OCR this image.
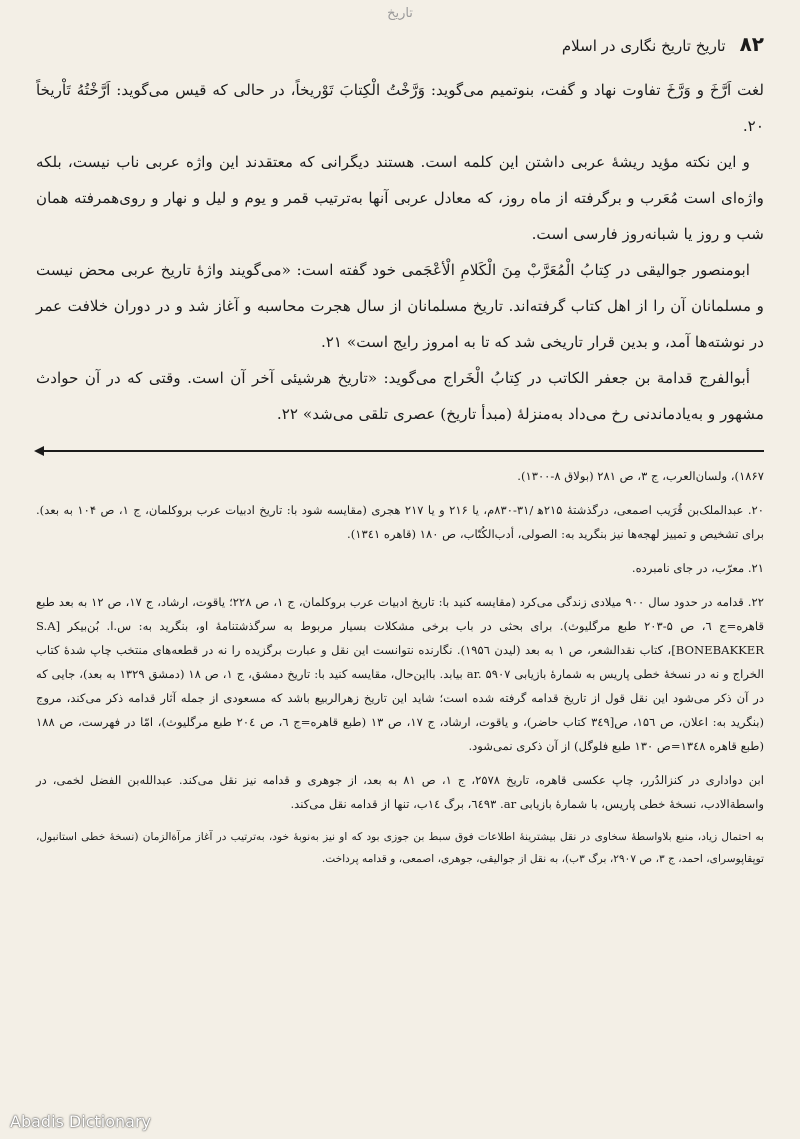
تاریخ
۸۲
تاریخ تاریخ نگاری در اسلام

لغت اَرَّخَ و وَرَّخَ تفاوت نهاد و گفت، بنوتمیم می‌گوید: وَرَّخْتُ الْکِتابَ تَوْریخاً، در حالی که قیس می‌گوید: اَرَّخْتُهُ تَاْریخاً ۲۰.

و این نکته مؤید ریشهٔ عربی داشتن این کلمه است. هستند دیگرانی که معتقدند این واژه عربی ناب نیست، بلکه واژه‌ای است مُعَرب و برگرفته از ماه روز، که معادل عربی آنها به‌ترتیب قمر و یوم و لیل و نهار و روی‌همرفته همان شب و روز یا شبانه‌روز فارسی است.

ابومنصور جوالیقی در کِتابُ الْمُعَرَّبْ مِنَ الْکَلامِ الْأعْجَمی خود گفته است: «می‌گویند واژهٔ تاریخ عربی محض نیست و مسلمانان آن را از اهل کتاب گرفته‌اند. تاریخ مسلمانان از سال هجرت محاسبه و آغاز شد و در دوران خلافت عمر در نوشته‌ها آمد، و بدین قرار تاریخی شد که تا به امروز رایج است» ۲۱.

أبوالفرج قدامة بن جعفر الکاتب در کِتابُ الْخَراج می‌گوید: «تاریخ هرشیئی آخر آن است. وقتی که در آن حوادث مشهور و به‌یادماندنی رخ می‌داد به‌منزلهٔ (مبدأ تاریخ) عصری تلقی می‌شد» ۲۲.

۱۸۶۷)، ولسان‌العرب، ج ۳، ص ۲۸۱ (بولاق ۸-۱۳۰۰).

۲۰. عبدالملک‌بن قُرَیب اصمعی، درگذشتهٔ ۲۱۵ه‍ /۳۱-۸۳۰م، یا ۲۱۶ و یا ۲۱۷ هجری (مقایسه شود با: تاریخ ادبیات عرب بروکلمان، ج ۱، ص ۱۰۴ به بعد). برای تشخیص و تمییز لهجه‌ها نیز بنگرید به: الصولی، أدب‌الکُتّاب، ص ۱۸۰ (قاهره ۱۳٤۱).

۲۱. معرّب، در جای نامبرده.

۲۲. قدامه در حدود سال ۹۰۰ میلادی زندگی می‌کرد (مقایسه کنید با: تاریخ ادبیات عرب بروکلمان، ج ۱، ص ۲۲۸؛ یاقوت، ارشاد، ج ۱۷، ص ۱۲ به بعد طبع قاهره=ج ٦، ص ۵-۲۰۳ طبع مرگلیوث). برای بحثی در باب برخی مشکلات بسیار مربوط به سرگذشتنامهٔ او، بنگرید به: س.ا. بُن‌بیکر [S.A BONEBAKKER]، کتاب نقدالشعر، ص ۱ به بعد (لیدن ۱۹۵٦). نگارنده نتوانست این نقل و عبارت برگزیده را نه در قطعه‌های منتخب چاپ شدهٔ کتاب الخراج و نه در نسخهٔ خطی پاریس به شمارهٔ بازیابی ar. ۵۹۰۷ بیابد. بااین‌حال، مقایسه کنید با: تاریخ دمشق، ج ۱، ص ۱۸ (دمشق ۱۳۲۹ به بعد)، جایی که در آن ذکر می‌شود این نقل قول از تاریخ قدامه گرفته شده است؛ شاید این تاریخ زهرالربیع باشد که مسعودی از جمله آثار قدامه ذکر می‌کند، مروج (بنگرید به: اعلان، ص ۱۵٦، ص[۳٤۹ کتاب حاضر)، و یاقوت، ارشاد، ج ۱۷، ص ۱۳ (طبع قاهره=ج ٦، ص ۲۰٤ طبع مرگلیوث)، امّا در فهرست، ص ۱۸۸ (طبع قاهره ۱۳٤۸=ص ۱۳۰ طبع فلوگل) از آن ذکری نمی‌شود.

ابن دواداری در کنزالدُرر، چاپ عکسی قاهره، تاریخ ۲۵۷۸، ج ۱، ص ۸۱ به بعد، از جوهری و قدامه نیز نقل می‌کند. عبدالله‌بن الفضل لخمی، در واسطة‌الادب، نسخهٔ خطی پاریس، با شمارهٔ بازیابی ar. ٦٤۹۳، برگ ۱٤ب، تنها از قدامه نقل می‌کند.

به احتمال زیاد، منبع بلاواسطهٔ سخاوی در نقل بیشترینهٔ اطلاعات فوق سبط بن جوزی بود که او نیز به‌نوبهٔ خود، به‌ترتیب در آغاز مرآة‌الزمان (نسخهٔ خطی استانبول، توپقاپوسرای، احمد، ج ۳، ص ۲۹۰۷، برگ ۳ب)، به نقل از جوالیقی، جوهری، اصمعی، و قدامه پرداخت.

Abadis Dictionary
